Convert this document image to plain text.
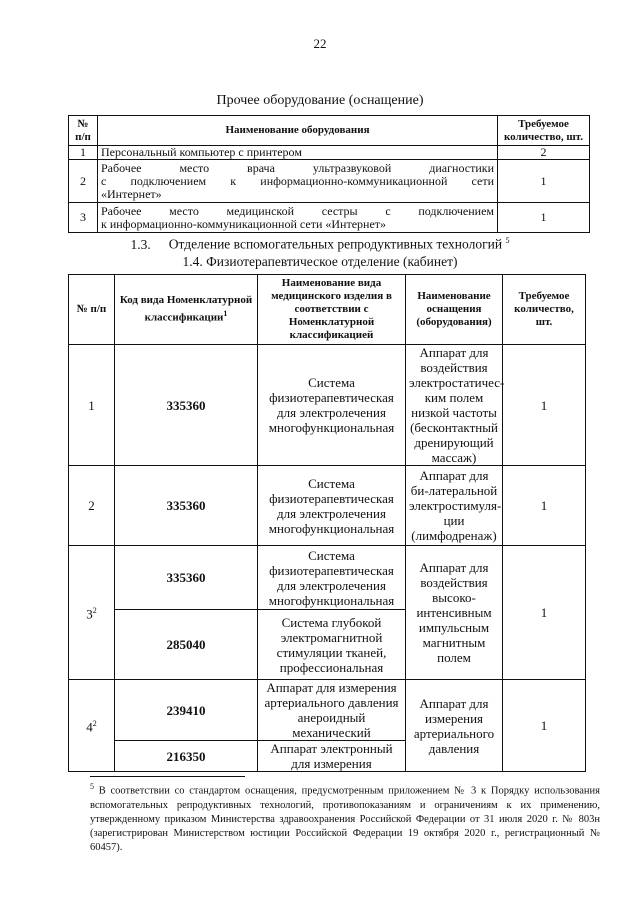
22
Прочее оборудование (оснащение)
№ п/п	Наименование оборудования	Требуемое количество, шт.
1	Персональный компьютер с принтером	2
2	Рабочее место врача ультразвуковой диагностики
с подключением к информационно-коммуникационной сети
«Интернет»	1
3	Рабочее место медицинской сестры с подключением
к информационно-коммуникационной сети «Интернет»	1
1.3. Отделение вспомогательных репродуктивных технологий $^5$
1.4. Физиотерапевтическое отделение (кабинет)
№ п/п	Код вида Номенклатурной классификации$^1$	Наименование вида медицинского изделия в соответствии с Номенклатурной классификацией	Наименование оснащения (оборудования)	Требуемое количество, шт.
1	335360	Система физиотерапевтическая для электролечения многофункциональная	Аппарат для воздействия электростатичес-ким полем низкой частоты (бесконтактный дренирующий массаж)	1
2	335360	Система физиотерапевтическая для электролечения многофункциональная	Аппарат для би-латеральной электростимуля-ции (лимфодренаж)	1
$3^2$	335360	Система физиотерапевтическая для электролечения многофункциональная	Аппарат для воздействия высоко-интенсивным импульсным магнитным полем	1
	285040	Система глубокой электромагнитной стимуляции тканей, профессиональная		
$4^2$	239410	Аппарат для измерения артериального давления анероидный механический	Аппарат для измерения артериального давления	1
	216350	Аппарат электронный для измерения		
$^5$ В соответствии со стандартом оснащения, предусмотренным приложением № 3 к Порядку использования вспомогательных репродуктивных технологий, противопоказаниям и ограничениям к их применению, утвержденному приказом Министерства здравоохранения Российской Федерации от 31 июля 2020 г. № 803н (зарегистрирован Министерством юстиции Российской Федерации 19 октября 2020 г., регистрационный № 60457).
